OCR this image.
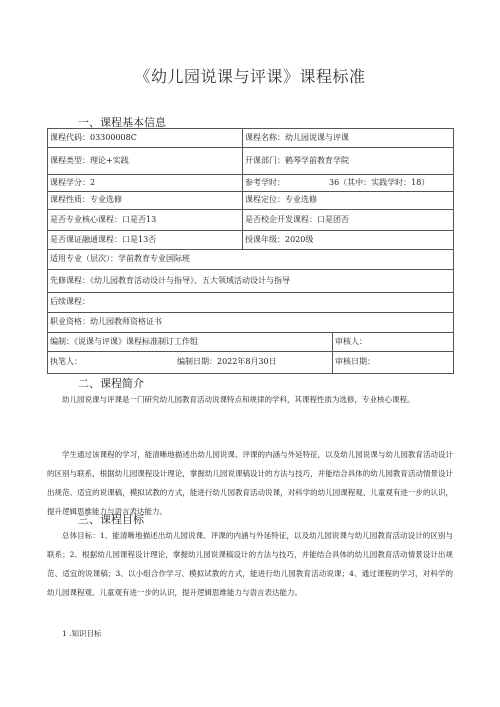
《幼儿园说课与评课》课程标准
一、课程基本信息
课程代码：03300008C	课程名称：幼儿园说课与评课	
课程类型：理论+实践	开课部门：鹤琴学前教育学院	
课程学分：2	参考学时： 36（其中：实践学时：18）	
课程性质：专业选修	课程定位：专业选修	
是否专业核心课程：口是否13	是否校企开发课程：口是团否	
是否课证融通课程：口是13否	授课年级：2020级	
适用专业（层次）：学前教育专业国际班		
先修课程：《幼儿园教育活动设计与指导》、五大领域活动设计与指导		
后续课程：		
职业资格：幼儿园教师资格证书		
编制：《说课与评课》课程标准制订工作组		审核人：
执笔人： 编制日期：2022年8月30日		审核日期：
二、课程简介
幼儿园说课与评课是一门研究幼儿园教育活动说课特点和规律的学科，其课程性质为选修，专业核心课程。
学生通过该课程的学习，能清晰地描述出幼儿园说课、评课的内涵与外延特征，以及幼儿园说课与幼儿园教育活动设计的区别与联系，根据幼儿园课程设计理论，掌握幼儿园说课稿设计的方法与技巧，并能结合具体的幼儿园教育活动情景设计出规范、适宜的说课稿，模拟试教的方式，能进行幼儿园教育活动说课，对科学的幼儿园课程观、儿童观有进一步的认识，提升逻辑思维能力与语言表达能力。
三、课程目标
总体目标：1、能清晰地描述出幼儿园说课、评课的内涵与外延特征，以及幼儿园说课与幼儿园教育活动设计的区别与联系；2、根据幼儿园课程设计理论，掌握幼儿园说课稿设计的方法与技巧，并能结合具体的幼儿园教育活动情景设计出规范、适宜的说课稿；3、以小组合作学习、模拟试教的方式，能进行幼儿园教育活动说课；4、通过课程的学习，对科学的幼儿园课程观、儿童观有进一步的认识，提升逻辑思维能力与语言表达能力。
1 .知识目标
